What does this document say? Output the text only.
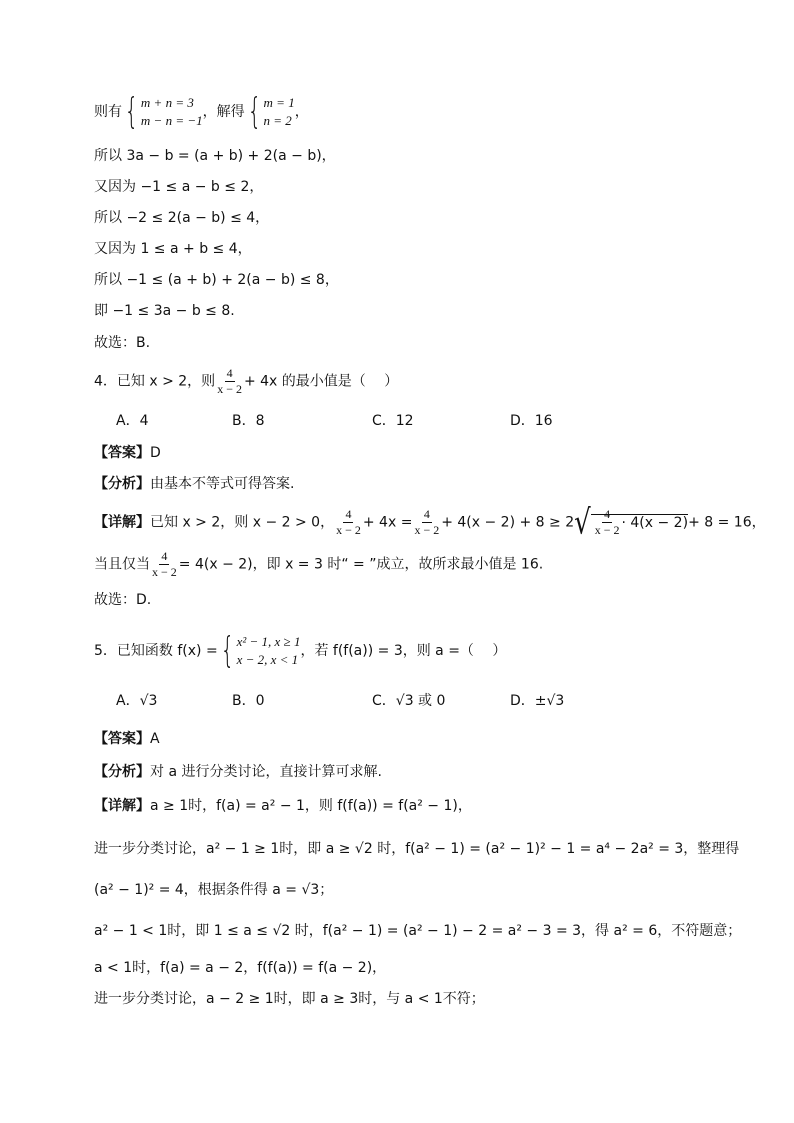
则有{ m + n = 3
m − n = −1
，解得{ m = 1
n = 2
，
所以 3a − b = (a + b) + 2(a − b)，
又因为 −1 ≤ a − b ≤ 2，
所以 −2 ≤ 2(a − b) ≤ 4，
又因为 1 ≤ a + b ≤ 4，
所以 −1 ≤ (a + b) + 2(a − b) ≤ 8，
即 −1 ≤ 3a − b ≤ 8.
故选：B.
4．已知 x > 2，则 $\frac{4}{x - 2} + 4x$ 的最小值是（　 ）
A．4	B．8	C．12	D．16
【答案】D
【分析】由基本不等式可得答案.
【详解】已知 x > 2，则 x − 2 > 0， $\frac{4}{x - 2} + 4x = \frac{4}{x - 2} + 4(x - 2) + 8 \ge 2√ \frac{4}{x - 2} \cdot 4(x - 2)+ 8 = 16$，
当且仅当 $\frac{4}{x - 2} = 4(x - 2)$，即 x = 3 时“ = ”成立，故所求最小值是 16.
故选：D.
5．已知函数 f(x) ={ x² − 1, x ≥ 1
x − 2, x < 1
，若 f(f(a)) = 3，则 a =（　 ）
A．√3	B．0	C．√3 或 0	D．±√3
【答案】A
【分析】对 a 进行分类讨论，直接计算可求解.
【详解】a ≥ 1时，f(a) = a² − 1，则 f(f(a)) = f(a² − 1)，
进一步分类讨论，a² − 1 ≥ 1时，即 a ≥ √2 时，f(a² − 1) = (a² − 1)² − 1 = a⁴ − 2a² = 3，整理得
(a² − 1)² = 4，根据条件得 a = √3；
a² − 1 < 1时，即 1 ≤ a ≤ √2 时，f(a² − 1) = (a² − 1) − 2 = a² − 3 = 3，得 a² = 6，不符题意；
a < 1时，f(a) = a − 2，f(f(a)) = f(a − 2)，
进一步分类讨论，a − 2 ≥ 1时，即 a ≥ 3时，与 a < 1不符；
